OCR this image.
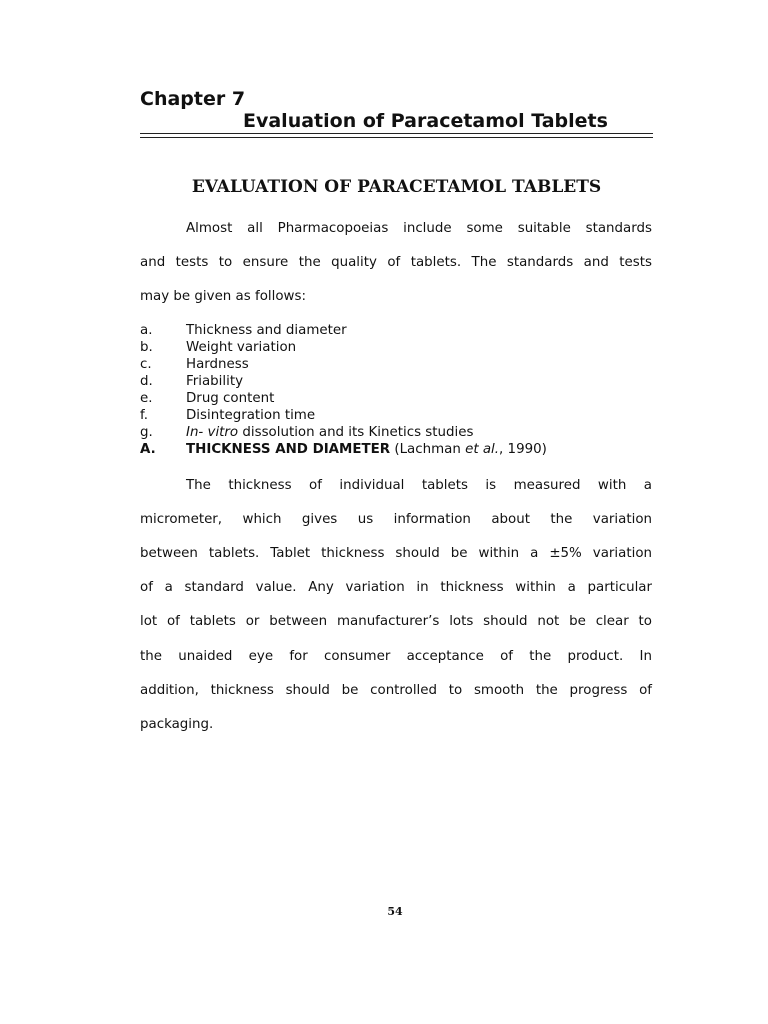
Chapter 7
Evaluation of Paracetamol Tablets
EVALUATION OF PARACETAMOL TABLETS
Almost all Pharmacopoeias include some suitable standards
and tests to ensure the quality of tablets. The standards and tests
may be given as follows:
a.	Thickness and diameter
b. Weight variation
c.	Hardness
d. Friability
e.	Drug content
f.	Disintegration time
g. In- vitro dissolution and its Kinetics studies
A. THICKNESS AND DIAMETER (Lachman et al., 1990)
The thickness of individual tablets is measured with a
micrometer, which gives us information about the variation
between tablets. Tablet thickness should be within a ±5% variation
of a standard value. Any variation in thickness within a particular
lot of tablets or between manufacturer’s lots should not be clear to
the unaided eye for consumer acceptance of the product. In
addition, thickness should be controlled to smooth the progress of
packaging.
54
